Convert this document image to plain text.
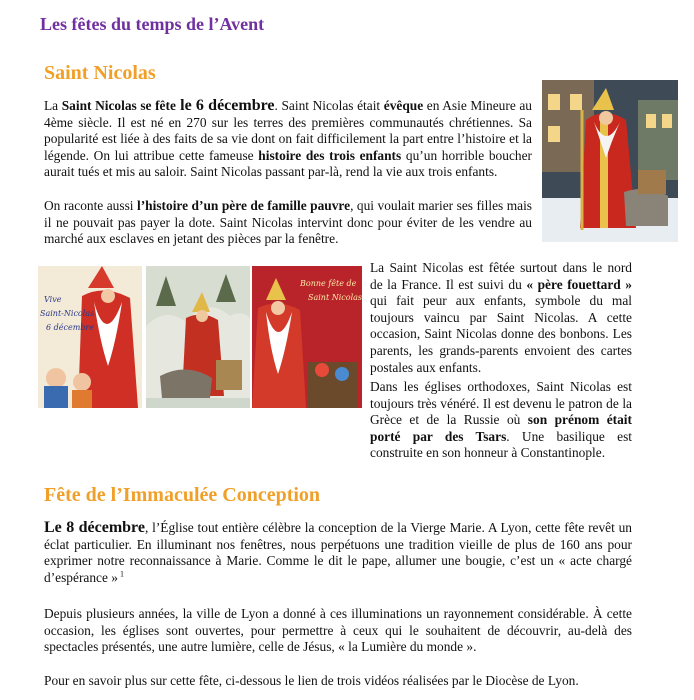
Les fêtes du temps de l’Avent
Saint Nicolas

La Saint Nicolas se fête le 6 décembre. Saint Nicolas était évêque en Asie Mineure au 4ème siècle. Il est né en 270 sur les terres des premières communautés chrétiennes. Sa popularité est liée à des faits de sa vie dont on fait difficilement la part entre l’histoire et la légende. On lui attribue cette fameuse histoire des trois enfants qu’un horrible boucher aurait tués et mis au saloir. Saint Nicolas passant par-là, rend la vie aux trois enfants.

On raconte aussi l’histoire d’un père de famille pauvre, qui voulait marier ses filles mais il ne pouvait pas payer la dote. Saint Nicolas intervint donc pour éviter de les vendre au marché aux esclaves en jetant des pièces par la fenêtre.

La Saint Nicolas est fêtée surtout dans le nord de la France. Il est suivi du « père fouettard » qui fait peur aux enfants, symbole du mal toujours vaincu par Saint Nicolas. A cette occasion, Saint Nicolas donne des bonbons. Les parents, les grands-parents envoient des cartes postales aux enfants.

Dans les églises orthodoxes, Saint Nicolas est toujours très vénéré. Il est devenu le patron de la Grèce et de la Russie où son prénom était porté par des Tsars. Une basilique est construite en son honneur à Constantinople.

Vive Saint-Nicolas 6 décembre
Bonne fête de Saint Nicolas
Fête de l’Immaculée Conception

Le 8 décembre, l’Église tout entière célèbre la conception de la Vierge Marie. A Lyon, cette fête revêt un éclat particulier. En illuminant nos fenêtres, nous perpétuons une tradition vieille de plus de 160 ans pour exprimer notre reconnaissance à Marie. Comme le dit le pape, allumer une bougie, c’est un « acte chargé d’espérance » $^1$

Depuis plusieurs années, la ville de Lyon a donné à ces illuminations un rayonnement considérable. À cette occasion, les églises sont ouvertes, pour permettre à ceux qui le souhaitent de découvrir, au-delà des spectacles présentés, une autre lumière, celle de Jésus, « la Lumière du monde ».

Pour en savoir plus sur cette fête, ci-dessous le lien de trois vidéos réalisées par le Diocèse de Lyon.
